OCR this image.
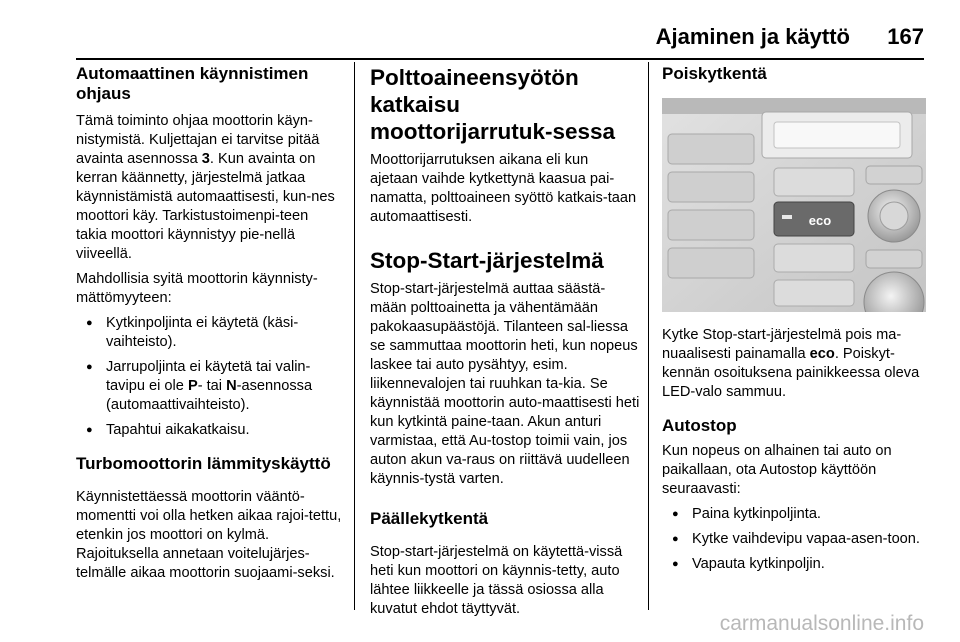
Ajaminen ja käyttö 167
Automaattinen käynnistimen ohjaus

Tämä toiminto ohjaa moottorin käyn-nistymistä. Kuljettajan ei tarvitse pitää avainta asennossa 3. Kun avainta on kerran käännetty, järjestelmä jatkaa käynnistämistä automaattisesti, kun-nes moottori käy. Tarkistustoimenpi-teen takia moottori käynnistyy pie-nellä viiveellä.

Mahdollisia syitä moottorin käynnisty-mättömyyteen:

● Kytkinpoljinta ei käytetä (käsi-vaihteisto).
● Jarrupoljinta ei käytetä tai valin-tavipu ei ole P- tai N-asennossa (automaattivaihteisto).
● Tapahtui aikakatkaisu.
Turbomoottorin lämmityskäyttö

Käynnistettäessä moottorin vääntö-momentti voi olla hetken aikaa rajoi-tettu, etenkin jos moottori on kylmä. Rajoituksella annetaan voitelujärjes-telmälle aikaa moottorin suojaami-seksi.

Polttoaineensyötön katkaisu moottorijarrutuk-sessa

Moottorijarrutuksen aikana eli kun ajetaan vaihde kytkettynä kaasua pai-namatta, polttoaineen syöttö katkais-taan automaattisesti.

Stop-Start-järjestelmä

Stop-start-järjestelmä auttaa säästä-mään polttoainetta ja vähentämään pakokaasupäästöjä. Tilanteen sal-liessa se sammuttaa moottorin heti, kun nopeus laskee tai auto pysähtyy, esim. liikennevalojen tai ruuhkan ta-kia. Se käynnistää moottorin auto-maattisesti heti kun kytkintä paine-taan. Akun anturi varmistaa, että Au-tostop toimii vain, jos auton akun va-raus on riittävä uudelleen käynnis-tystä varten.

Päällekytkentä

Stop-start-järjestelmä on käytettä-vissä heti kun moottori on käynnis-tetty, auto lähtee liikkeelle ja tässä osiossa alla kuvatut ehdot täyttyvät.

Poiskytkentä
eco

Kytke Stop-start-järjestelmä pois ma-nuaalisesti painamalla eco. Poiskyt-kennän osoituksena painikkeessa oleva LED-valo sammuu.

Autostop

Kun nopeus on alhainen tai auto on paikallaan, ota Autostop käyttöön seuraavasti:

● Paina kytkinpoljinta.
● Kytke vaihdevipu vapaa-asen-toon.
● Vapauta kytkinpoljin.
carmanualsonline.info
